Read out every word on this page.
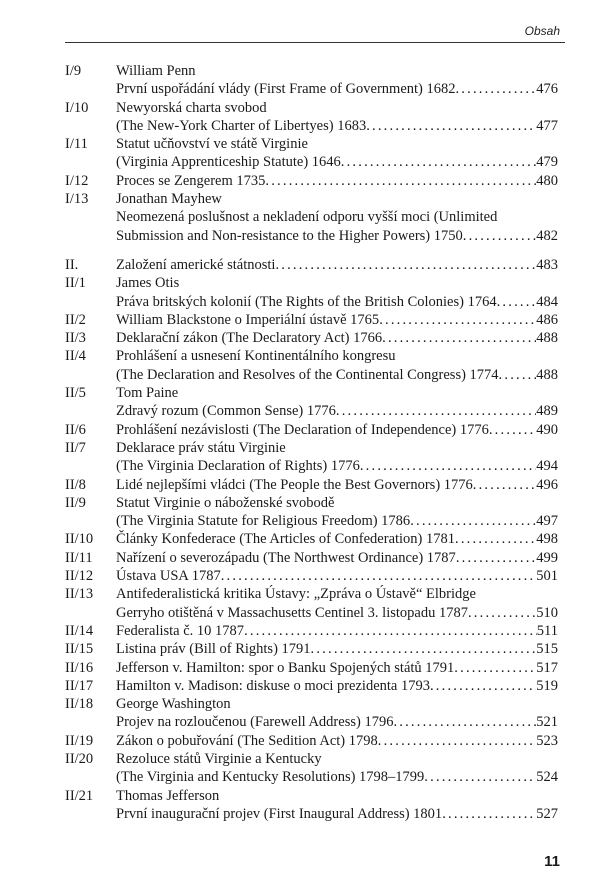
Obsah
I/9	William Penn
První uspořádání vlády (First Frame of Government) 1682 .....	476
I/10	Newyorská charta svobod
(The New-York Charter of Libertyes) 1683 .....	477
I/11	Statut učňovství ve státě Virginie
(Virginia Apprenticeship Statute) 1646 .....	479
I/12	Proces se Zengerem 1735 .....	480
I/13	Jonathan Mayhew
Neomezená poslušnost a nekladení odporu vyšší moci (Unlimited
Submission and Non-resistance to the Higher Powers) 1750 .....	482
II.	Založení americké státnosti .....	483
II/1	James Otis
Práva britských kolonií (The Rights of the British Colonies) 1764 .....	484
II/2	William Blackstone o Imperiální ústavě 1765 .....	486
II/3	Deklarační zákon (The Declaratory Act) 1766 .....	488
II/4	Prohlášení a usnesení Kontinentálního kongresu
(The Declaration and Resolves of the Continental Congress) 1774 .....	488
II/5	Tom Paine
Zdravý rozum (Common Sense) 1776 .....	489
II/6	Prohlášení nezávislosti (The Declaration of Independence) 1776 .....	490
II/7	Deklarace práv státu Virginie
(The Virginia Declaration of Rights) 1776 .....	494
II/8	Lidé nejlepšími vládci (The People the Best Governors) 1776 .....	496
II/9	Statut Virginie o náboženské svobodě
(The Virginia Statute for Religious Freedom) 1786 .....	497
II/10	Články Konfederace (The Articles of Confederation) 1781 .....	498
II/11	Nařízení o severozápadu (The Northwest Ordinance) 1787 .....	499
II/12	Ústava USA 1787 .....	501
II/13	Antifederalistická kritika Ústavy: „Zpráva o Ústavě“ Elbridge
Gerryho otištěná v Massachusetts Centinel 3. listopadu 1787 .....	510
II/14	Federalista č. 10 1787 .....	511
II/15	Listina práv (Bill of Rights) 1791 .....	515
II/16	Jefferson v. Hamilton: spor o Banku Spojených států 1791 .....	517
II/17	Hamilton v. Madison: diskuse o moci prezidenta 1793 .....	519
II/18	George Washington
Projev na rozloučenou (Farewell Address) 1796 .....	521
II/19	Zákon o pobuřování (The Sedition Act) 1798 .....	523
II/20	Rezoluce států Virginie a Kentucky
(The Virginia and Kentucky Resolutions) 1798–1799 .....	524
II/21	Thomas Jefferson
První inaugurační projev (First Inaugural Address) 1801 .....	527
11
